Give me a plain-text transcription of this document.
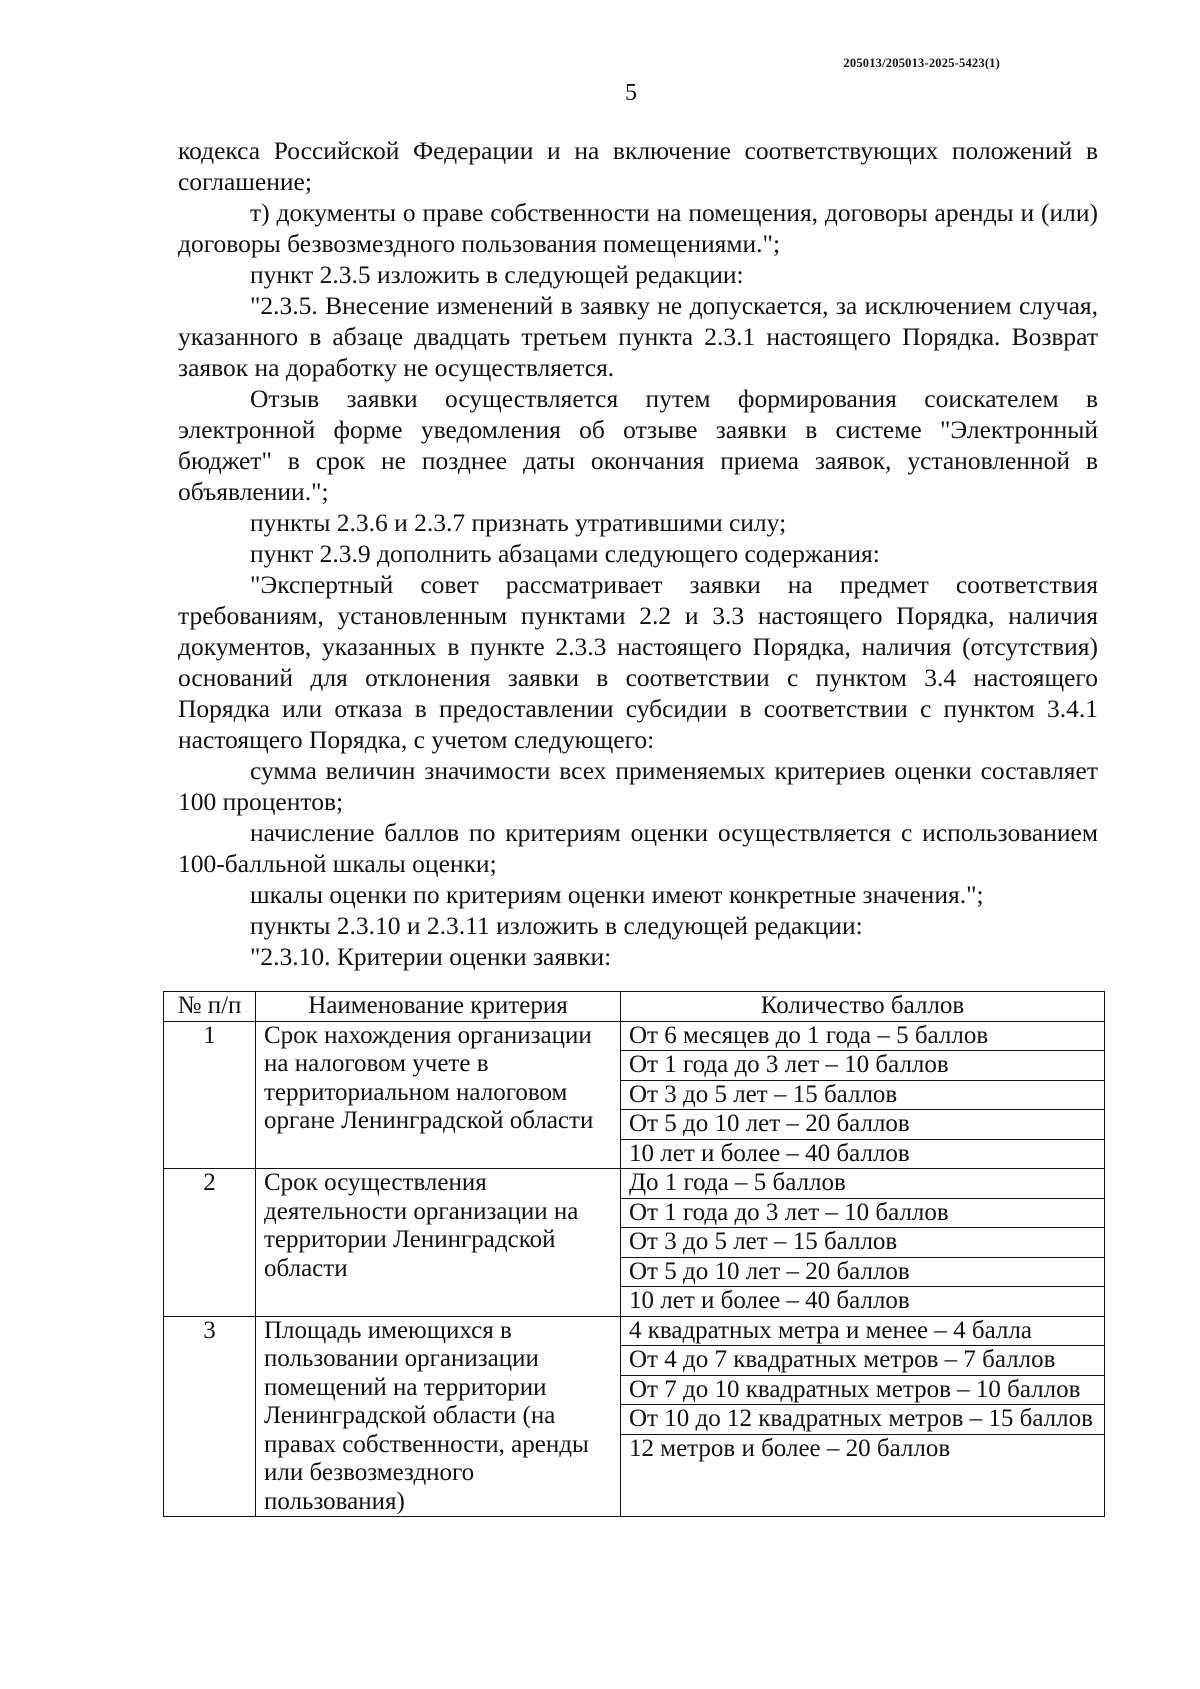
205013/205013-2025-5423(1)
5

кодекса Российской Федерации и на включение соответствующих положений в соглашение;

т) документы о праве собственности на помещения, договоры аренды и (или) договоры безвозмездного пользования помещениями.";

пункт 2.3.5 изложить в следующей редакции:

"2.3.5. Внесение изменений в заявку не допускается, за исключением случая, указанного в абзаце двадцать третьем пункта 2.3.1 настоящего Порядка. Возврат заявок на доработку не осуществляется.

Отзыв заявки осуществляется путем формирования соискателем в электронной форме уведомления об отзыве заявки в системе "Электронный бюджет" в срок не позднее даты окончания приема заявок, установленной в объявлении.";

пункты 2.3.6 и 2.3.7 признать утратившими силу;

пункт 2.3.9 дополнить абзацами следующего содержания:

"Экспертный совет рассматривает заявки на предмет соответствия требованиям, установленным пунктами 2.2 и 3.3 настоящего Порядка, наличия документов, указанных в пункте 2.3.3 настоящего Порядка, наличия (отсутствия) оснований для отклонения заявки в соответствии с пунктом 3.4 настоящего Порядка или отказа в предоставлении субсидии в соответствии с пунктом 3.4.1 настоящего Порядка, с учетом следующего:

сумма величин значимости всех применяемых критериев оценки составляет 100 процентов;

начисление баллов по критериям оценки осуществляется с использованием 100-балльной шкалы оценки;

шкалы оценки по критериям оценки имеют конкретные значения.";

пункты 2.3.10 и 2.3.11 изложить в следующей редакции:

"2.3.10. Критерии оценки заявки:

№ п/п	Наименование критерия	Количество баллов
1	Срок нахождения организации на налоговом учете в территориальном налоговом органе Ленинградской области	От 6 месяцев до 1 года – 5 баллов
От 1 года до 3 лет – 10 баллов
От 3 до 5 лет – 15 баллов
От 5 до 10 лет – 20 баллов
10 лет и более – 40 баллов

2	Срок осуществления деятельности организации на территории Ленинградской области	До 1 года – 5 баллов
От 1 года до 3 лет – 10 баллов
От 3 до 5 лет – 15 баллов
От 5 до 10 лет – 20 баллов
10 лет и более – 40 баллов

3	Площадь имеющихся в пользовании организации помещений на территории Ленинградской области (на правах собственности, аренды или безвозмездного пользования)	4 квадратных метра и менее – 4 балла
От 4 до 7 квадратных метров – 7 баллов
От 7 до 10 квадратных метров – 10 баллов
От 10 до 12 квадратных метров – 15 баллов
12 метров и более – 20 баллов
